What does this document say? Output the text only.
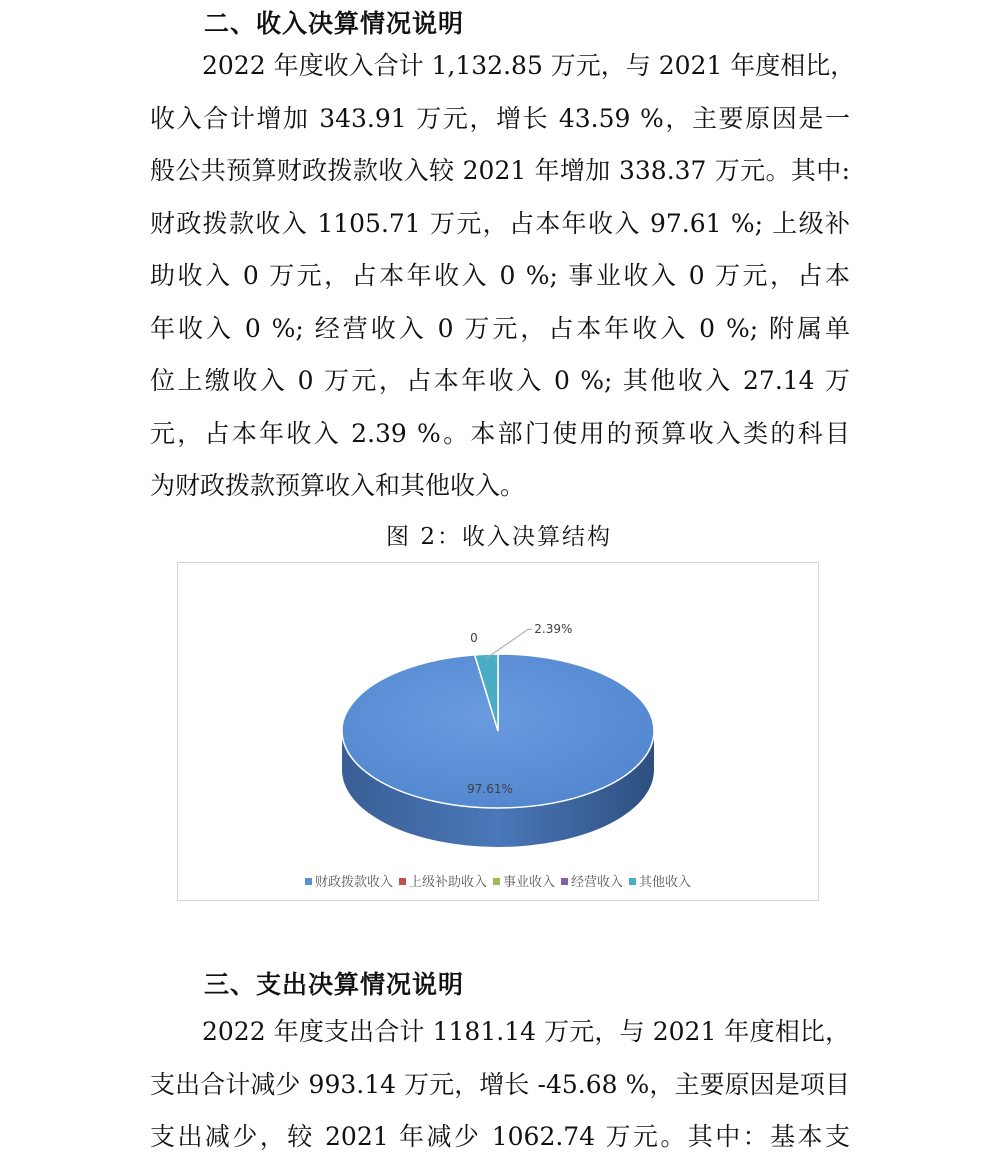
二、收入决算情况说明
2022 年度收入合计 1,132.85 万元，与 2021 年度相比，
收入合计增加 343.91 万元，增长 43.59 %，主要原因是一
般公共预算财政拨款收入较 2021 年增加 338.37 万元。其中:
财政拨款收入 1105.71 万元，占本年收入 97.61 %; 上级补
助收入 0 万元，占本年收入 0 %; 事业收入 0 万元，占本
年收入 0 %; 经营收入 0 万元，占本年收入 0 %; 附属单
位上缴收入 0 万元，占本年收入 0 %; 其他收入 27.14 万
元，占本年收入 2.39 %。本部门使用的预算收入类的科目
为财政拨款预算收入和其他收入。
图 2：收入决算结构
97.61%
0
2.39%
财政拨款收入 上级补助收入 事业收入 经营收入 其他收入
三、支出决算情况说明
2022 年度支出合计 1181.14 万元，与 2021 年度相比，
支出合计减少 993.14 万元，增长 -45.68 %，主要原因是项目
支出减少，较 2021 年减少 1062.74 万元。其中：基本支
